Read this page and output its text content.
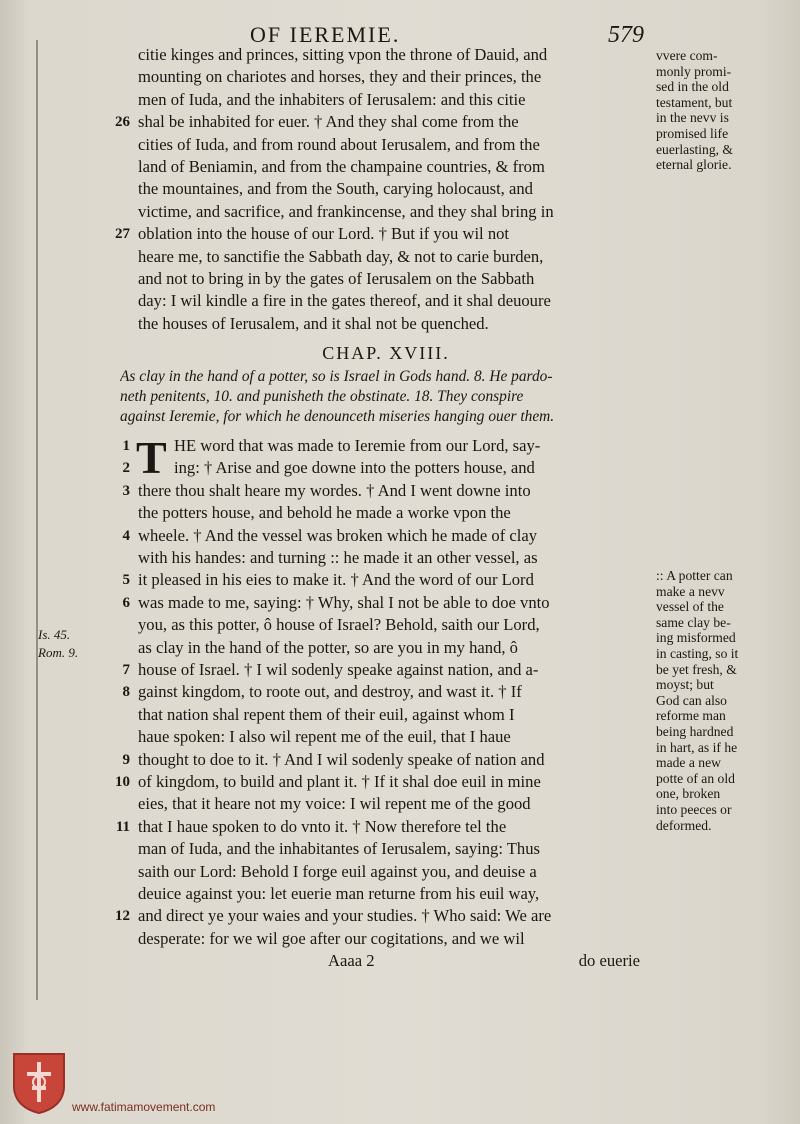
OF IEREMIE.	579
citie kinges and princes, sitting vpon the throne of Dauid, and
mounting on chariotes and horses, they and their princes, the
men of Iuda, and the inhabiters of Ierusalem: and this citie
26 shal be inhabited for euer. † And they shal come from the
cities of Iuda, and from round about Ierusalem, and from the
land of Beniamin, and from the champaine countries, & from
the mountaines, and from the South, carying holocaust, and
victime, and sacrifice, and frankincense, and they shal bring in
27 oblation into the house of our Lord. † But if you wil not
heare me, to sanctifie the Sabbath day, & not to carie burden,
and not to bring in by the gates of Ierusalem on the Sabbath
day: I wil kindle a fire in the gates thereof, and it shal deuoure
the houses of Ierusalem, and it shal not be quenched.
CHAP. XVIII.
As clay in the hand of a potter, so is Israel in Gods hand. 8. He pardo-
neth penitents, 10. and punisheth the obstinate. 18. They conspire
against Ieremie, for which he denounceth miseries hanging ouer them.
T
1	HE word that was made to Ieremie from our Lord, say-
2	ing: † Arise and goe downe into the potters house, and
3 there thou shalt heare my wordes. † And I went downe into
the potters house, and behold he made a worke vpon the
4 wheele. † And the vessel was broken which he made of clay
with his handes: and turning :: he made it an other vessel, as
5 it pleased in his eies to make it. † And the word of our Lord
6 was made to me, saying: † Why, shal I not be able to doe vnto
you, as this potter, ô house of Israel? Behold, saith our Lord,
as clay in the hand of the potter, so are you in my hand, ô
7 house of Israel. † I wil sodenly speake against nation, and a-
8 gainst kingdom, to roote out, and destroy, and wast it. † If
that nation shal repent them of their euil, against whom I
haue spoken: I also wil repent me of the euil, that I haue
9 thought to doe to it. † And I wil sodenly speake of nation and
10 of kingdom, to build and plant it. † If it shal doe euil in mine
eies, that it heare not my voice: I wil repent me of the good
11 that I haue spoken to do vnto it. † Now therefore tel the
man of Iuda, and the inhabitantes of Ierusalem, saying: Thus
saith our Lord: Behold I forge euil against you, and deuise a
deuice against you: let euerie man returne from his euil way,
12 and direct ye your waies and your studies. † Who said: We are
desperate: for we wil goe after our cogitations, and we wil
Aaaa 2	do euerie
vvere com-
monly promi-
sed in the old
testament, but
in the nevv is
promised life
euerlasting, &
eternal glorie.
:: A potter can
make a nevv
vessel of the
same clay be-
ing misformed
in casting, so it
be yet fresh, &
moyst; but
God can also
reforme man
being hardned
in hart, as if he
made a new
potte of an old
one, broken
into peeces or
deformed.
Is. 45.
Rom. 9.
www.fatimamovement.com
